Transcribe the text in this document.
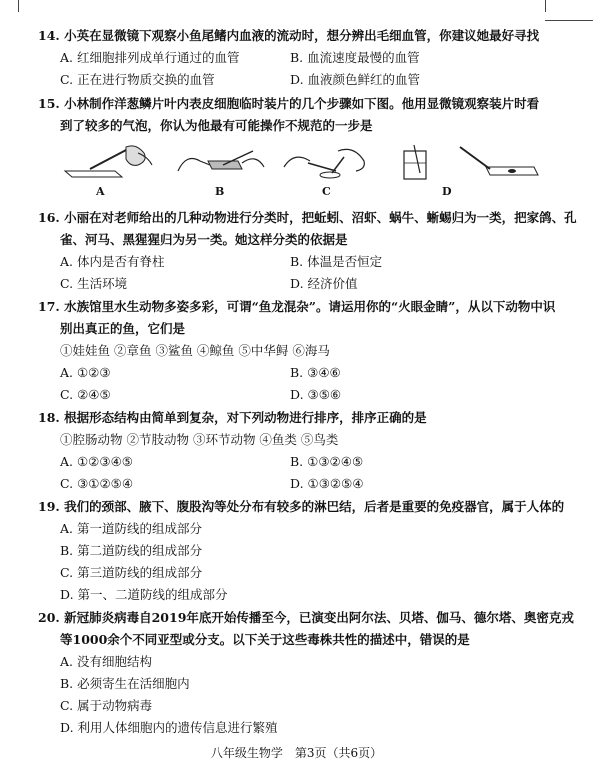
14. 小英在显微镜下观察小鱼尾鳍内血液的流动时，想分辨出毛细血管，你建议她最好寻找
A. 红细胞排列成单行通过的血管	B. 血流速度最慢的血管
C. 正在进行物质交换的血管	D. 血液颜色鲜红的血管
15. 小林制作洋葱鳞片叶内表皮细胞临时装片的几个步骤如下图。他用显微镜观察装片时看
到了较多的气泡，你认为他最有可能操作不规范的一步是
A	B	C	D
16. 小丽在对老师给出的几种动物进行分类时，把蚯蚓、沼虾、蜗牛、蜥蜴归为一类，把家鸽、孔
雀、河马、黑猩猩归为另一类。她这样分类的依据是
A. 体内是否有脊柱	B. 体温是否恒定
C. 生活环境	D. 经济价值
17. 水族馆里水生动物多姿多彩，可谓“鱼龙混杂”。请运用你的“火眼金睛”，从以下动物中识
别出真正的鱼，它们是
①娃娃鱼 ②章鱼 ③鲨鱼 ④鲸鱼 ⑤中华鲟 ⑥海马
A. ①②③	B. ③④⑥
C. ②④⑤	D. ③⑤⑥
18. 根据形态结构由简单到复杂，对下列动物进行排序，排序正确的是
①腔肠动物 ②节肢动物 ③环节动物 ④鱼类 ⑤鸟类
A. ①②③④⑤	B. ①③②④⑤
C. ③①②⑤④	D. ①③②⑤④
19. 我们的颈部、腋下、腹股沟等处分布有较多的淋巴结，后者是重要的免疫器官，属于人体的
A. 第一道防线的组成部分
B. 第二道防线的组成部分
C. 第三道防线的组成部分
D. 第一、二道防线的组成部分
20. 新冠肺炎病毒自2019年底开始传播至今，已演变出阿尔法、贝塔、伽马、德尔塔、奥密克戎
等1000余个不同亚型或分支。以下关于这些毒株共性的描述中，错误的是
A. 没有细胞结构
B. 必须寄生在活细胞内
C. 属于动物病毒
D. 利用人体细胞内的遗传信息进行繁殖
八年级生物学　第3页（共6页）
